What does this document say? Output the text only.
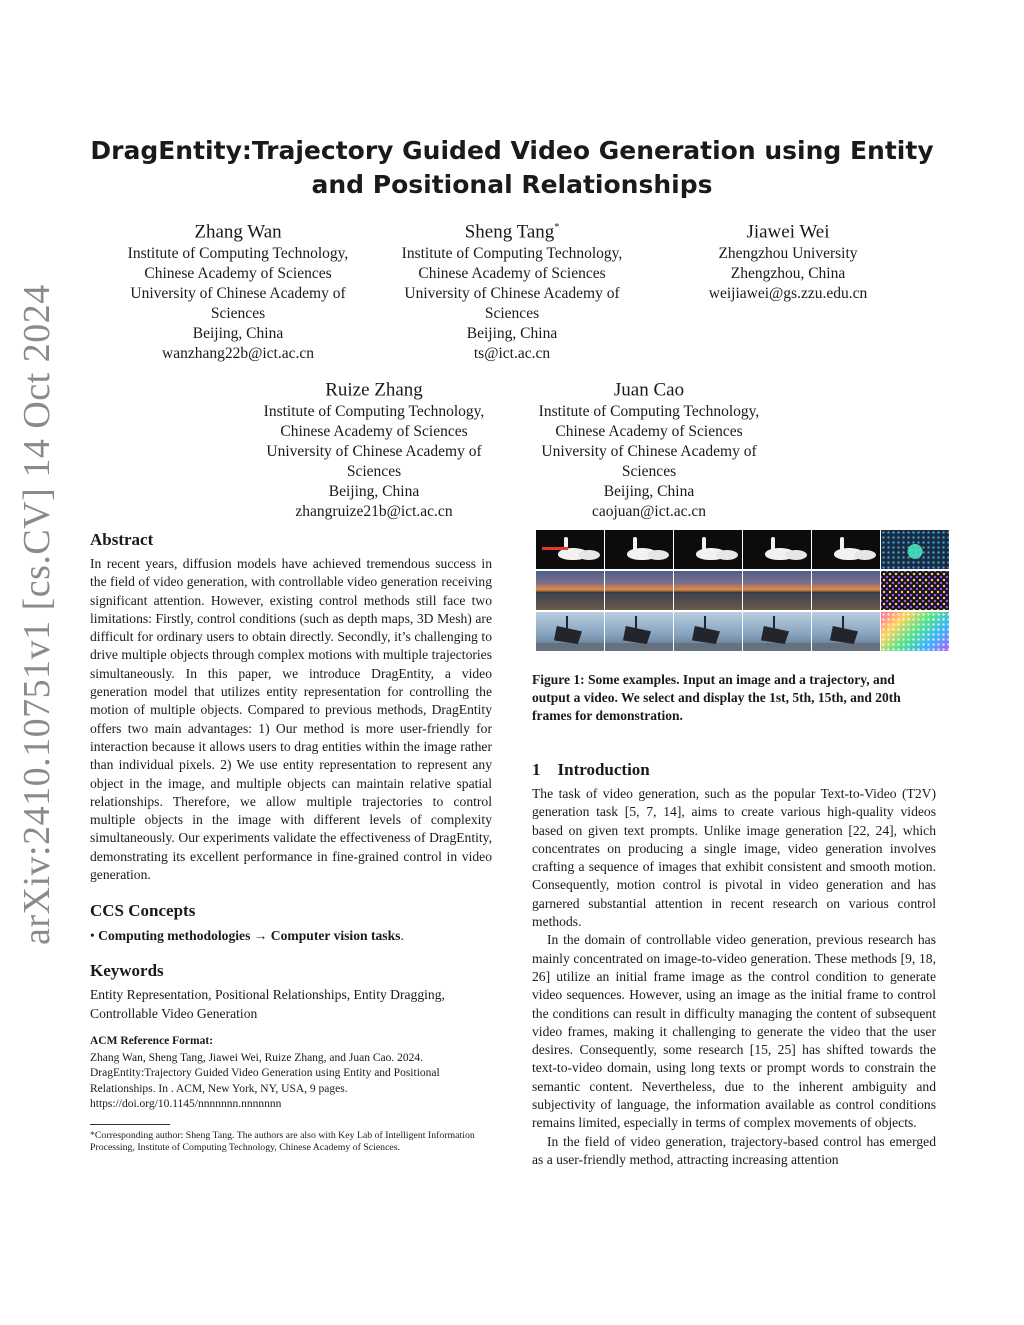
arXiv:2410.10751v1 [cs.CV] 14 Oct 2024
DragEntity:Trajectory Guided Video Generation using Entity and Positional Relationships
Zhang Wan
Institute of Computing Technology,
Chinese Academy of Sciences
University of Chinese Academy of
Sciences
Beijing, China
wanzhang22b@ict.ac.cn
Sheng Tang*
Institute of Computing Technology,
Chinese Academy of Sciences
University of Chinese Academy of
Sciences
Beijing, China
ts@ict.ac.cn
Jiawei Wei
Zhengzhou University
Zhengzhou, China
weijiawei@gs.zzu.edu.cn
Ruize Zhang
Institute of Computing Technology,
Chinese Academy of Sciences
University of Chinese Academy of
Sciences
Beijing, China
zhangruize21b@ict.ac.cn
Juan Cao
Institute of Computing Technology,
Chinese Academy of Sciences
University of Chinese Academy of
Sciences
Beijing, China
caojuan@ict.ac.cn
Abstract

In recent years, diffusion models have achieved tremendous success in the field of video generation, with controllable video generation receiving significant attention. However, existing control methods still face two limitations: Firstly, control conditions (such as depth maps, 3D Mesh) are difficult for ordinary users to obtain directly. Secondly, it’s challenging to drive multiple objects through complex motions with multiple trajectories simultaneously. In this paper, we introduce DragEntity, a video generation model that utilizes entity representation for controlling the motion of multiple objects. Compared to previous methods, DragEntity offers two main advantages: 1) Our method is more user-friendly for interaction because it allows users to drag entities within the image rather than individual pixels. 2) We use entity representation to represent any object in the image, and multiple objects can maintain relative spatial relationships. Therefore, we allow multiple trajectories to control multiple objects in the image with different levels of complexity simultaneously. Our experiments validate the effectiveness of DragEntity, demonstrating its excellent performance in fine-grained control in video generation.

CCS Concepts

• Computing methodologies → Computer vision tasks.

Keywords

Entity Representation, Positional Relationships, Entity Dragging, Controllable Video Generation

ACM Reference Format:

Zhang Wan, Sheng Tang, Jiawei Wei, Ruize Zhang, and Juan Cao. 2024. DragEntity:Trajectory Guided Video Generation using Entity and Positional Relationships. In . ACM, New York, NY, USA, 9 pages. https://doi.org/10.1145/nnnnnnn.nnnnnnn

*Corresponding author: Sheng Tang. The authors are also with Key Lab of Intelligent Information Processing, Institute of Computing Technology, Chinese Academy of Sciences.

Figure 1: Some examples. Input an image and a trajectory, and output a video. We select and display the 1st, 5th, 15th, and 20th frames for demonstration.

1 Introduction

The task of video generation, such as the popular Text-to-Video (T2V) generation task [5, 7, 14], aims to create various high-quality videos based on given text prompts. Unlike image generation [22, 24], which concentrates on producing a single image, video generation involves crafting a sequence of images that exhibit consistent and smooth motion. Consequently, motion control is pivotal in video generation and has garnered substantial attention in recent research on various control methods.

In the domain of controllable video generation, previous research has mainly concentrated on image-to-video generation. These methods [9, 18, 26] utilize an initial frame image as the control condition to generate video sequences. However, using an image as the initial frame to control the conditions can result in difficulty managing the content of subsequent video frames, making it challenging to generate the video that the user desires. Consequently, some research [15, 25] has shifted towards the text-to-video domain, using long texts or prompt words to constrain the semantic content. Nevertheless, due to the inherent ambiguity and subjectivity of language, the information available as control conditions remains limited, especially in terms of complex movements of objects.

In the field of video generation, trajectory-based control has emerged as a user-friendly method, attracting increasing attention
